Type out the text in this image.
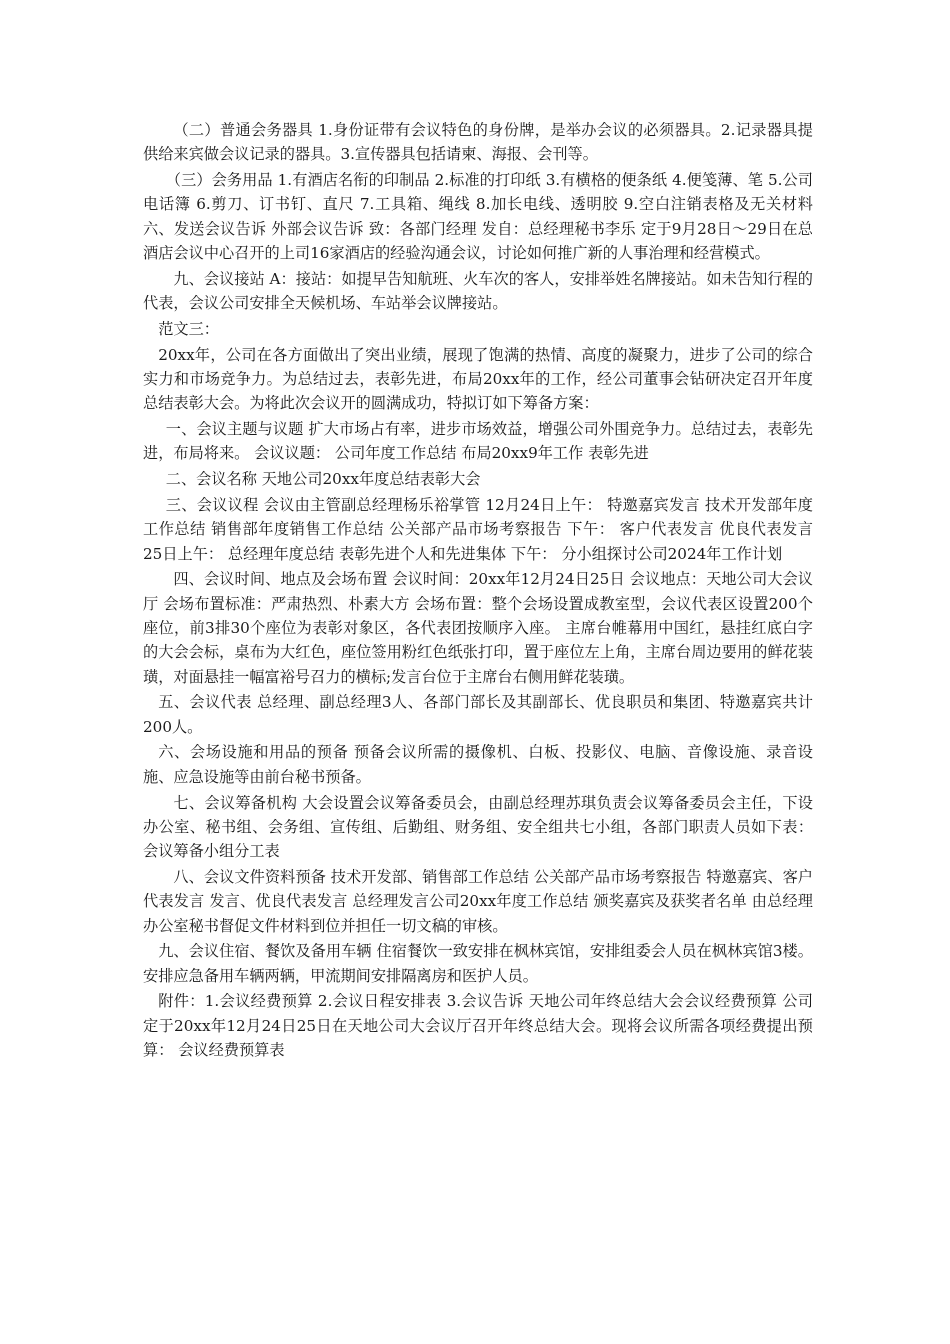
（二）普通会务器具 1.身份证带有会议特色的身份牌，是举办会议的必须器具。2.记录器具提供给来宾做会议记录的器具。3.宣传器具包括请柬、海报、会刊等。

（三）会务用品 1.有酒店名衔的印制品 2.标准的打印纸 3.有横格的便条纸 4.便笺薄、笔 5.公司电话簿 6.剪刀、订书钉、直尺 7.工具箱、绳线 8.加长电线、透明胶 9.空白注销表格及无关材料 六、发送会议告诉 外部会议告诉 致：各部门经理 发自：总经理秘书李乐 定于9月28日～29日在总酒店会议中心召开的上司16家酒店的经验沟通会议，讨论如何推广新的人事治理和经营模式。

九、会议接站 A：接站：如提早告知航班、火车次的客人，安排举姓名牌接站。如未告知行程的代表，会议公司安排全天候机场、车站举会议牌接站。

范文三：

20xx年，公司在各方面做出了突出业绩，展现了饱满的热情、高度的凝聚力，进步了公司的综合实力和市场竞争力。为总结过去，表彰先进，布局20xx年的工作，经公司董事会钻研决定召开年度总结表彰大会。为将此次会议开的圆满成功，特拟订如下筹备方案：

一、会议主题与议题 扩大市场占有率，进步市场效益，增强公司外围竞争力。总结过去，表彰先进，布局将来。 会议议题： 公司年度工作总结 布局20xx9年工作 表彰先进

二、会议名称 天地公司20xx年度总结表彰大会

三、会议议程 会议由主管副总经理杨乐裕掌管 12月24日上午： 特邀嘉宾发言 技术开发部年度工作总结 销售部年度销售工作总结 公关部产品市场考察报告 下午： 客户代表发言 优良代表发言 25日上午： 总经理年度总结 表彰先进个人和先进集体 下午： 分小组探讨公司2024年工作计划

四、会议时间、地点及会场布置 会议时间：20xx年12月24日25日 会议地点：天地公司大会议厅 会场布置标准：严肃热烈、朴素大方 会场布置：整个会场设置成教室型，会议代表区设置200个座位，前3排30个座位为表彰对象区，各代表团按顺序入座。 主席台帷幕用中国红，悬挂红底白字的大会会标，桌布为大红色，座位签用粉红色纸张打印，置于座位左上角，主席台周边要用的鲜花装璜，对面悬挂一幅富裕号召力的横标;发言台位于主席台右侧用鲜花装璜。

五、会议代表 总经理、副总经理3人、各部门部长及其副部长、优良职员和集团、特邀嘉宾共计200人。

六、会场设施和用品的预备 预备会议所需的摄像机、白板、投影仪、电脑、音像设施、录音设施、应急设施等由前台秘书预备。

七、会议筹备机构 大会设置会议筹备委员会，由副总经理苏琪负责会议筹备委员会主任，下设办公室、秘书组、会务组、宣传组、后勤组、财务组、安全组共七小组，各部门职责人员如下表： 会议筹备小组分工表

八、会议文件资料预备 技术开发部、销售部工作总结 公关部产品市场考察报告 特邀嘉宾、客户代表发言 发言、优良代表发言 总经理发言公司20xx年度工作总结 颁奖嘉宾及获奖者名单 由总经理办公室秘书督促文件材料到位并担任一切文稿的审核。

九、会议住宿、餐饮及备用车辆 住宿餐饮一致安排在枫林宾馆，安排组委会人员在枫林宾馆3楼。安排应急备用车辆两辆，甲流期间安排隔离房和医护人员。

附件：1.会议经费预算 2.会议日程安排表 3.会议告诉 天地公司年终总结大会会议经费预算 公司定于20xx年12月24日25日在天地公司大会议厅召开年终总结大会。现将会议所需各项经费提出预算： 会议经费预算表
